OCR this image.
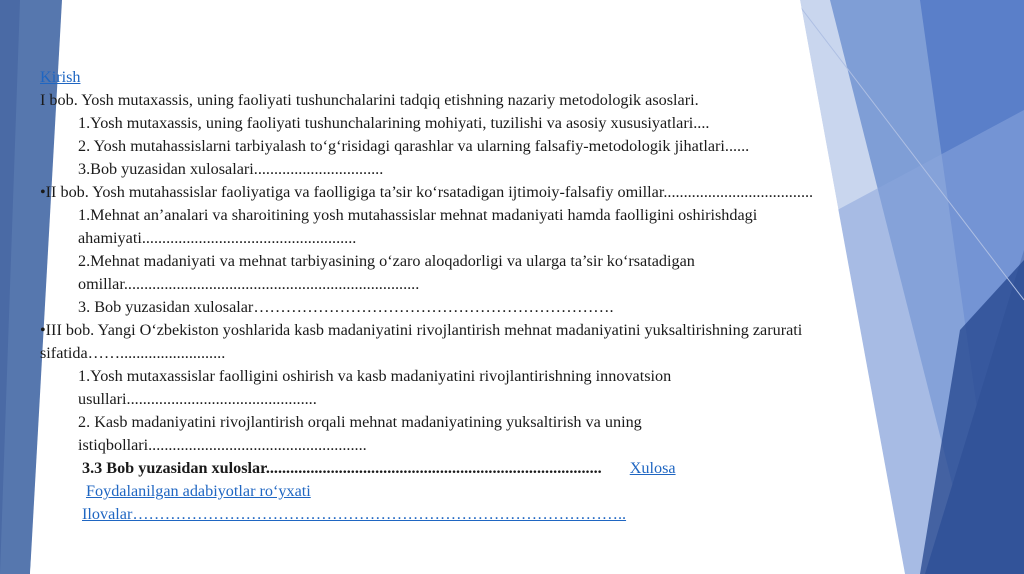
Kirish
I bob. Yosh mutaxassis, uning faoliyati tushunchalarini tadqiq etishning nazariy metodologik asoslari.
1.Yosh mutaxassis, uning faoliyati tushunchalarining mohiyati, tuzilishi va asosiy xususiyatlari....
2. Yosh mutahassislarni tarbiyalash to‘g‘risidagi qarashlar va ularning falsafiy-metodologik jihatlari......
3.Bob yuzasidan xulosalari................................
•II bob. Yosh mutahassislar faoliyatiga va faolligiga ta’sir ko‘rsatadigan ijtimoiy-falsafiy omillar.....................................
1.Mehnat an’analari va sharoitining yosh mutahassislar mehnat madaniyati hamda faolligini oshirishdagi
ahamiyati.....................................................
2.Mehnat madaniyati va mehnat tarbiyasining o‘zaro aloqadorligi va ularga ta’sir ko‘rsatadigan
omillar.........................................................................
3. Bob yuzasidan xulosalar………………………………………………………….
•III bob. Yangi O‘zbekiston yoshlarida kasb madaniyatini rivojlantirish mehnat madaniyatini yuksaltirishning zarurati
sifatida……..........................
1.Yosh mutaxassislar faolligini oshirish va kasb madaniyatini rivojlantirishning innovatsion
usullari...............................................
2. Kasb madaniyatini rivojlantirish orqali mehnat madaniyatining yuksaltirish va uning
istiqbollari......................................................
3.3 Bob yuzasidan xuloslar................................................................................... Xulosa
Foydalanilgan adabiyotlar ro‘yxati
Ilovalar………………………………………………………………………………..
